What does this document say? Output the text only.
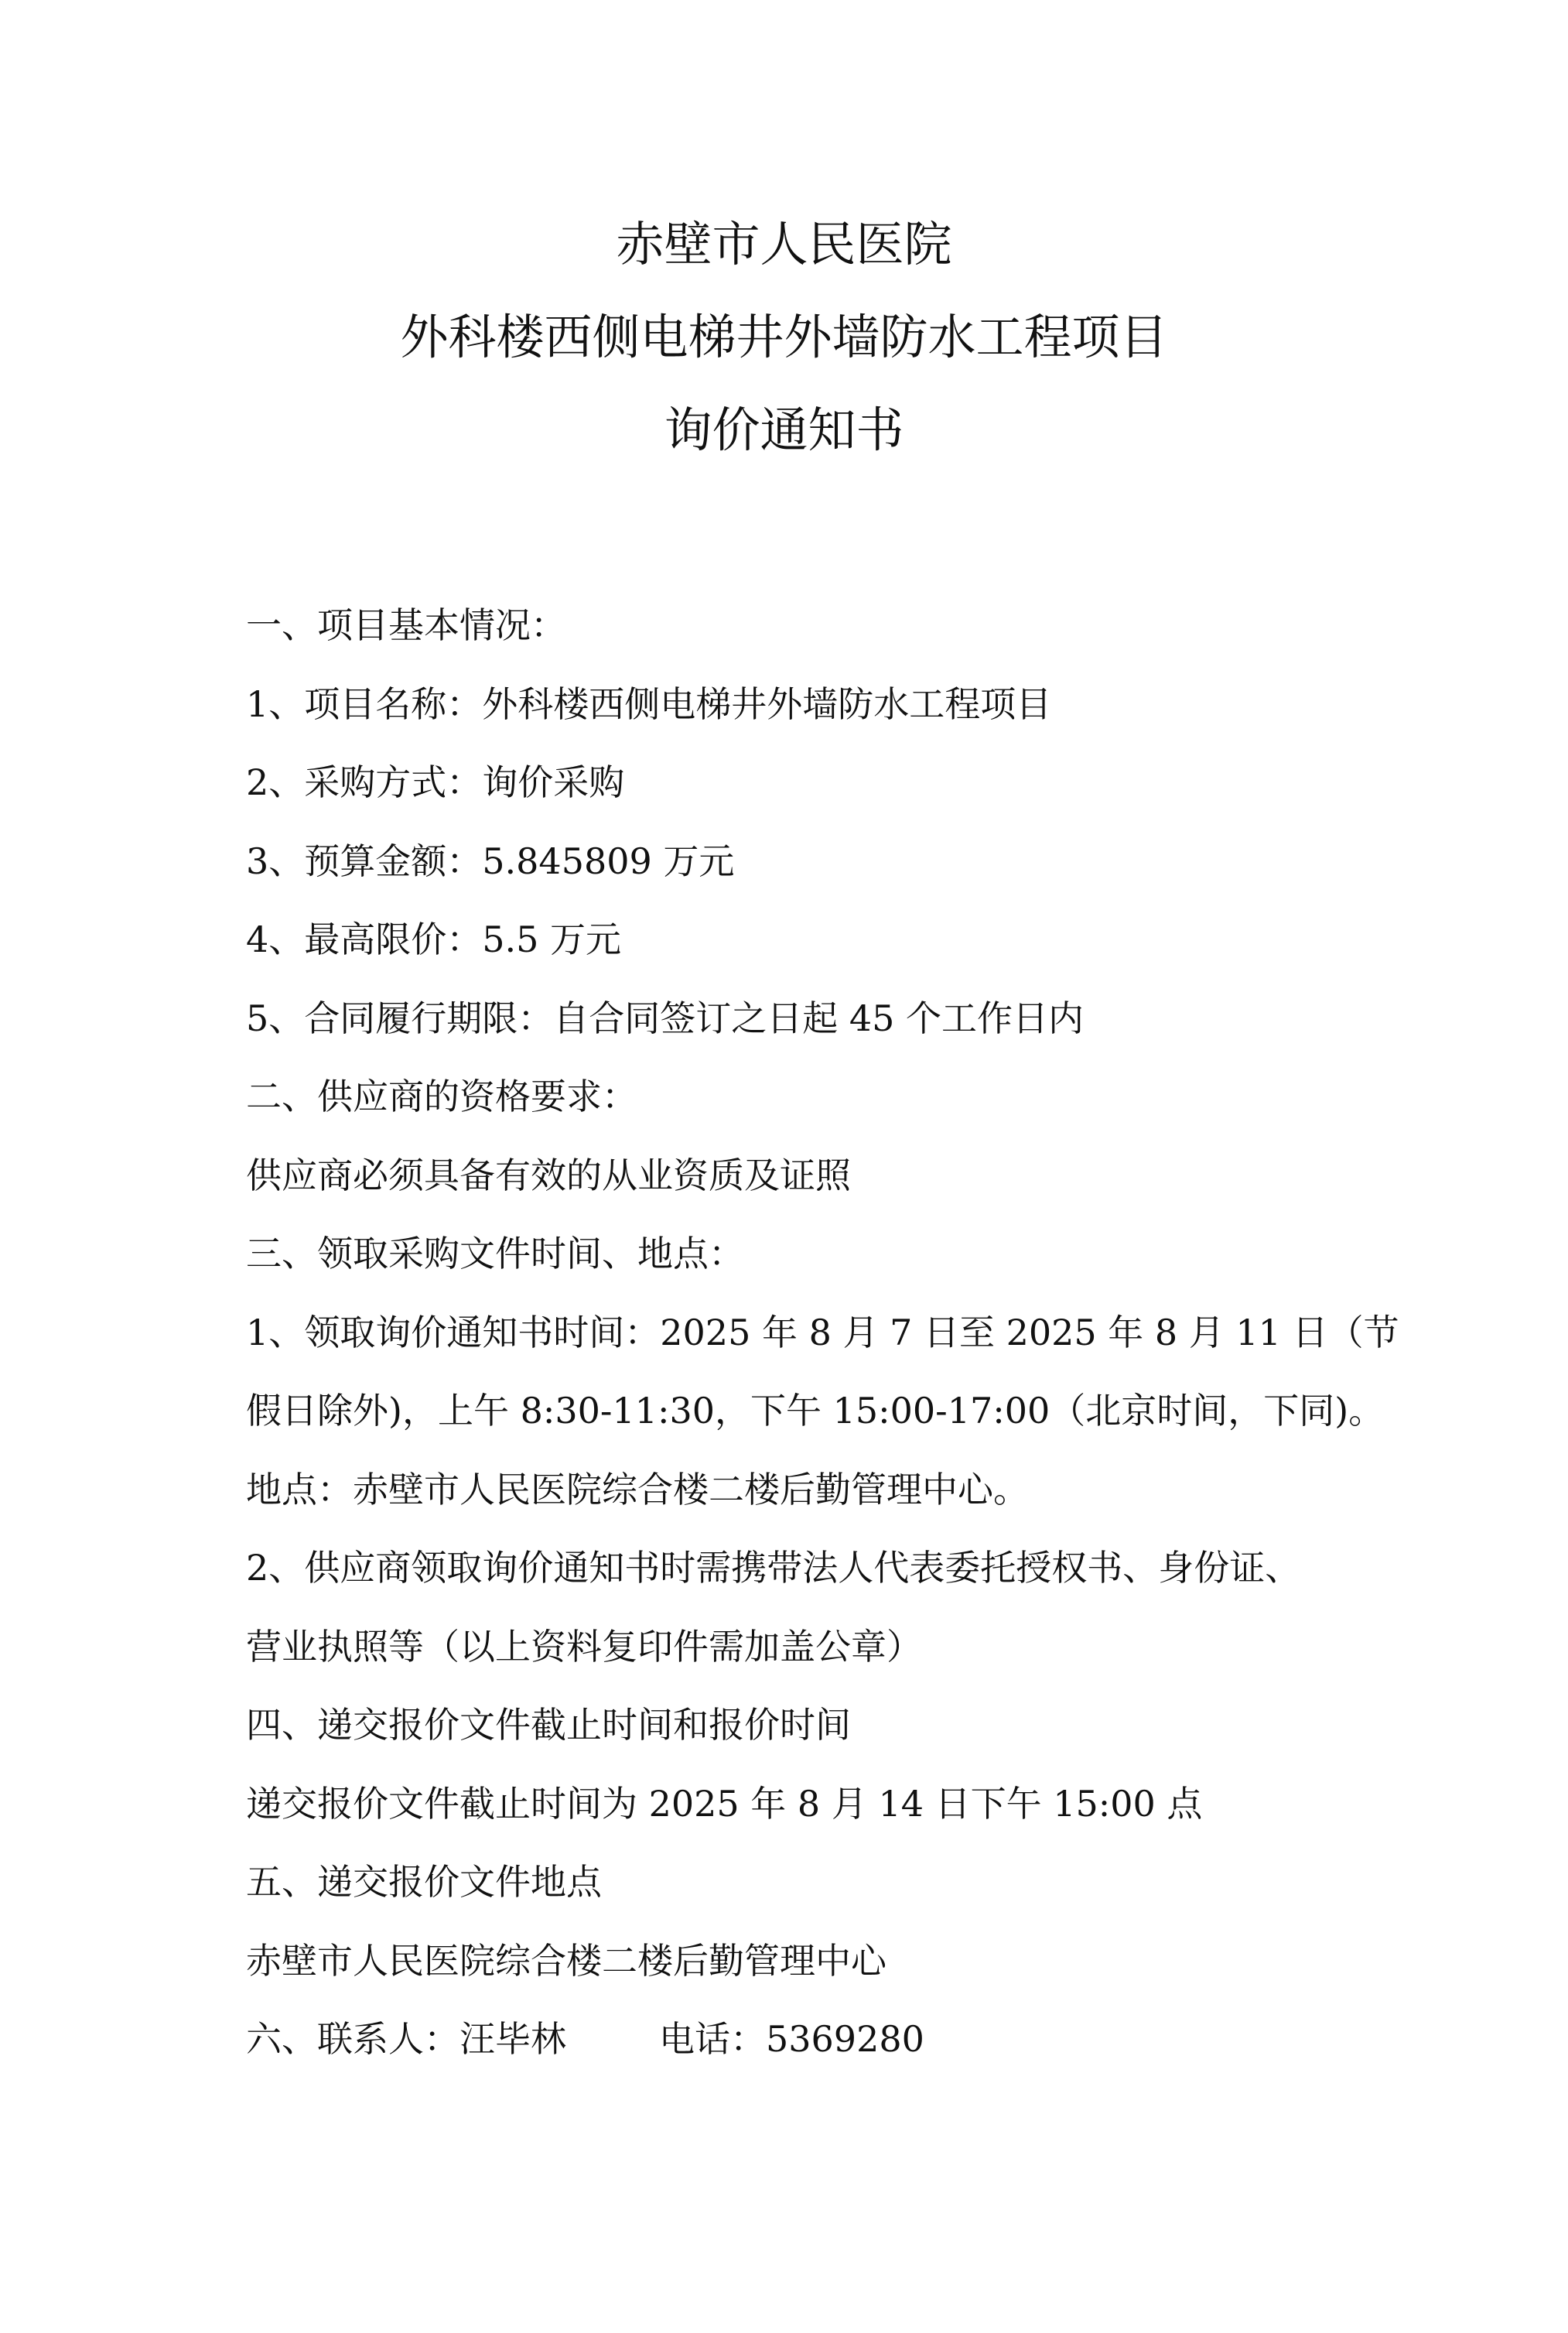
赤壁市人民医院
外科楼西侧电梯井外墙防水工程项目
询价通知书
一、项目基本情况：
1、项目名称：外科楼西侧电梯井外墙防水工程项目
2、采购方式：询价采购
3、预算金额：5.845809 万元
4、最高限价：5.5 万元
5、合同履行期限：自合同签订之日起 45 个工作日内
二、供应商的资格要求：
供应商必须具备有效的从业资质及证照
三、领取采购文件时间、地点：
1、领取询价通知书时间：2025 年 8 月 7 日至 2025 年 8 月 11 日（节
假日除外)，上午 8:30-11:30，下午 15:00-17:00（北京时间，下同)。
地点：赤壁市人民医院综合楼二楼后勤管理中心。
2、供应商领取询价通知书时需携带法人代表委托授权书、身份证、
营业执照等（以上资料复印件需加盖公章）
四、递交报价文件截止时间和报价时间
递交报价文件截止时间为 2025 年 8 月 14 日下午 15:00 点
五、递交报价文件地点
赤壁市人民医院综合楼二楼后勤管理中心
六、联系人：汪毕林	电话：5369280
